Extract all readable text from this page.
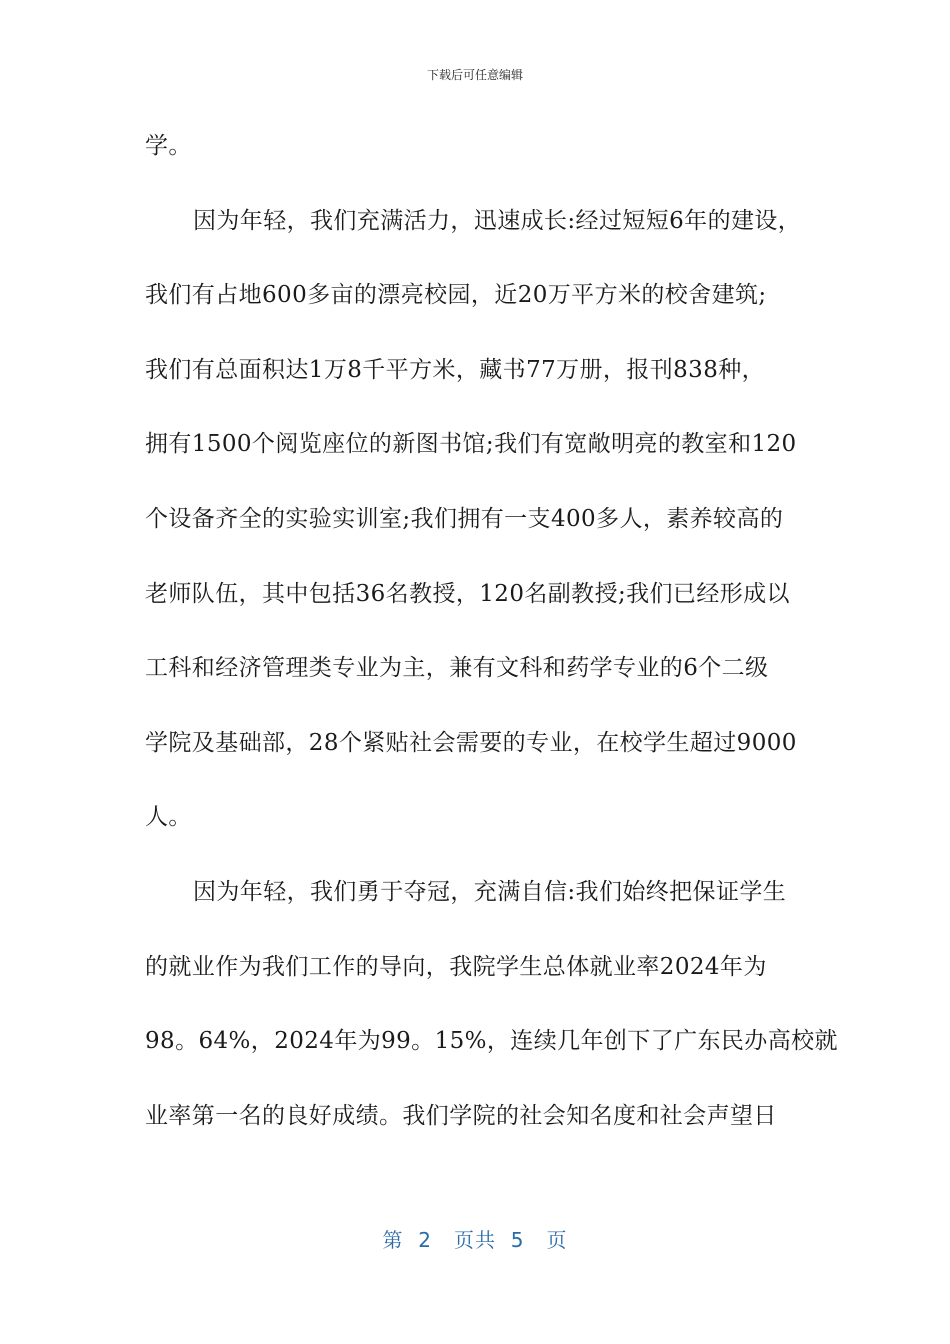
下载后可任意编辑
学。
因为年轻，我们充满活力，迅速成长:经过短短6年的建设，
我们有占地600多亩的漂亮校园，近20万平方米的校舍建筑;
我们有总面积达1万8千平方米，藏书77万册，报刊838种，
拥有1500个阅览座位的新图书馆;我们有宽敞明亮的教室和120
个设备齐全的实验实训室;我们拥有一支400多人，素养较高的
老师队伍，其中包括36名教授，120名副教授;我们已经形成以
工科和经济管理类专业为主，兼有文科和药学专业的6个二级
学院及基础部，28个紧贴社会需要的专业，在校学生超过9000
人。
因为年轻，我们勇于夺冠，充满自信:我们始终把保证学生
的就业作为我们工作的导向，我院学生总体就业率2024年为
98。64%，2024年为99。15%，连续几年创下了广东民办高校就
业率第一名的良好成绩。我们学院的社会知名度和社会声望日
第 2 页共 5 页
